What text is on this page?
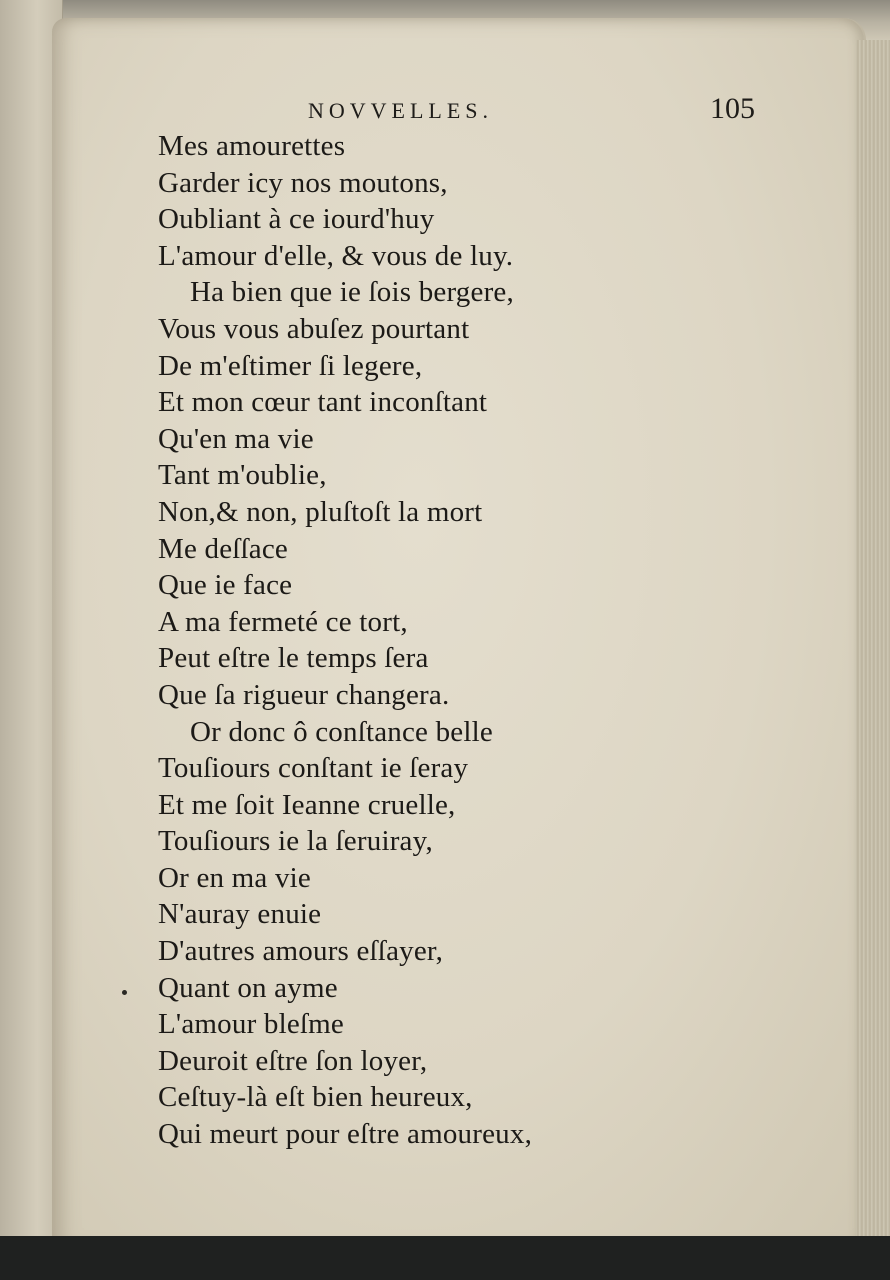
NOVVELLES.	105
Mes amourettes
Garder icy nos moutons,
Oubliant à ce iourd'huy
L'amour d'elle, & vous de luy.
Ha bien que ie ſois bergere,
Vous vous abuſez pourtant
De m'eſtimer ſi legere,
Et mon cœur tant inconſtant
Qu'en ma vie
Tant m'oublie,
Non,& non, pluſtoſt la mort
Me deſſace
Que ie face
A ma fermeté ce tort,
Peut eſtre le temps ſera
Que ſa rigueur changera.
Or donc ô conſtance belle
Touſiours conſtant ie ſeray
Et me ſoit Ieanne cruelle,
Touſiours ie la ſeruiray,
Or en ma vie
N'auray enuie
D'autres amours eſſayer,
Quant on ayme
L'amour bleſme
Deuroit eſtre ſon loyer,
Ceſtuy-là eſt bien heureux,
Qui meurt pour eſtre amoureux,
